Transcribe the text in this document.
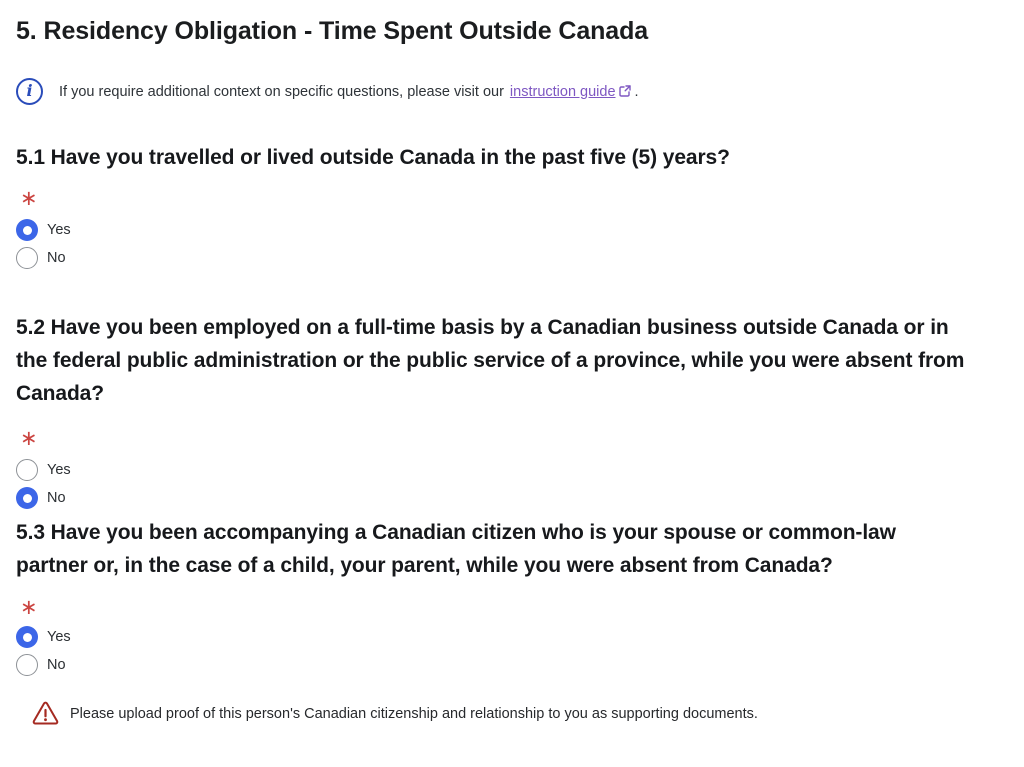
5. Residency Obligation - Time Spent Outside Canada
i If you require additional context on specific questions, please visit our instruction guide .

5.1 Have you travelled or lived outside Canada in the past five (5) years?
∗
Yes
No
5.2 Have you been employed on a full-time basis by a Canadian business outside Canada or in the federal public administration or the public service of a province, while you were absent from Canada?
∗
Yes
No
5.3 Have you been accompanying a Canadian citizen who is your spouse or common-law partner or, in the case of a child, your parent, while you were absent from Canada?
∗
Yes
No

Please upload proof of this person's Canadian citizenship and relationship to you as supporting documents.
